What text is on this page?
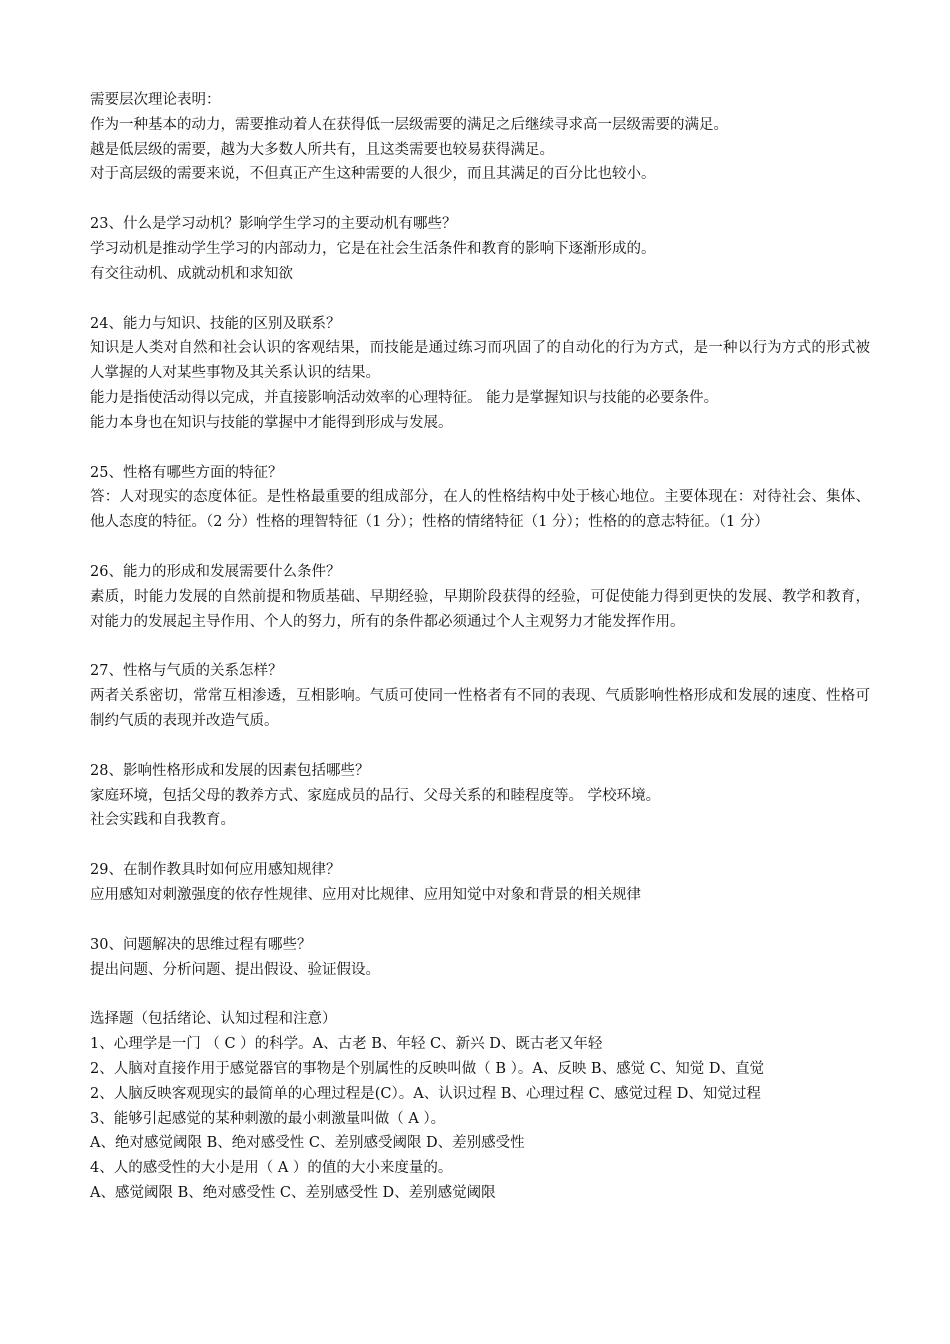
需要层次理论表明：
作为一种基本的动力，需要推动着人在获得低一层级需要的满足之后继续寻求高一层级需要的满足。
越是低层级的需要，越为大多数人所共有，且这类需要也较易获得满足。
对于高层级的需要来说，不但真正产生这种需要的人很少，而且其满足的百分比也较小。
23、什么是学习动机？影响学生学习的主要动机有哪些？
学习动机是推动学生学习的内部动力，它是在社会生活条件和教育的影响下逐渐形成的。
有交往动机、成就动机和求知欲
24、能力与知识、技能的区别及联系？
知识是人类对自然和社会认识的客观结果，而技能是通过练习而巩固了的自动化的行为方式，是一种以行为方式的形式被人掌握的人对某些事物及其关系认识的结果。
能力是指使活动得以完成，并直接影响活动效率的心理特征。 能力是掌握知识与技能的必要条件。
能力本身也在知识与技能的掌握中才能得到形成与发展。
25、性格有哪些方面的特征？
答：人对现实的态度体征。是性格最重要的组成部分，在人的性格结构中处于核心地位。主要体现在：对待社会、集体、他人态度的特征。（2 分）性格的理智特征（1 分）；性格的情绪特征（1 分）；性格的的意志特征。（1 分）
26、能力的形成和发展需要什么条件？
素质，时能力发展的自然前提和物质基础、早期经验，早期阶段获得的经验，可促使能力得到更快的发展、教学和教育，对能力的发展起主导作用、个人的努力，所有的条件都必须通过个人主观努力才能发挥作用。
27、性格与气质的关系怎样？
两者关系密切，常常互相渗透，互相影响。气质可使同一性格者有不同的表现、气质影响性格形成和发展的速度、性格可制约气质的表现并改造气质。
28、影响性格形成和发展的因素包括哪些？
家庭环境，包括父母的教养方式、家庭成员的品行、父母关系的和睦程度等。 学校环境。
社会实践和自我教育。
29、在制作教具时如何应用感知规律？
应用感知对刺激强度的依存性规律、应用对比规律、应用知觉中对象和背景的相关规律
30、问题解决的思维过程有哪些？
提出问题、分析问题、提出假设、验证假设。
选择题（包括绪论、认知过程和注意）
1、心理学是一门 （ C ）的科学。A、古老 B、年轻 C、新兴 D、既古老又年轻
2、人脑对直接作用于感觉器官的事物是个别属性的反映叫做（ B ）。A、反映 B、感觉 C、知觉 D、直觉
2、人脑反映客观现实的最简单的心理过程是(C）。A、认识过程 B、心理过程 C、感觉过程 D、知觉过程
3、能够引起感觉的某种刺激的最小刺激量叫做（ A ）。
A、绝对感觉阈限 B、绝对感受性 C、差别感受阈限 D、差别感受性
4、人的感受性的大小是用（ A ）的值的大小来度量的。
A、感觉阈限 B、绝对感受性 C、差别感受性 D、差别感觉阈限
